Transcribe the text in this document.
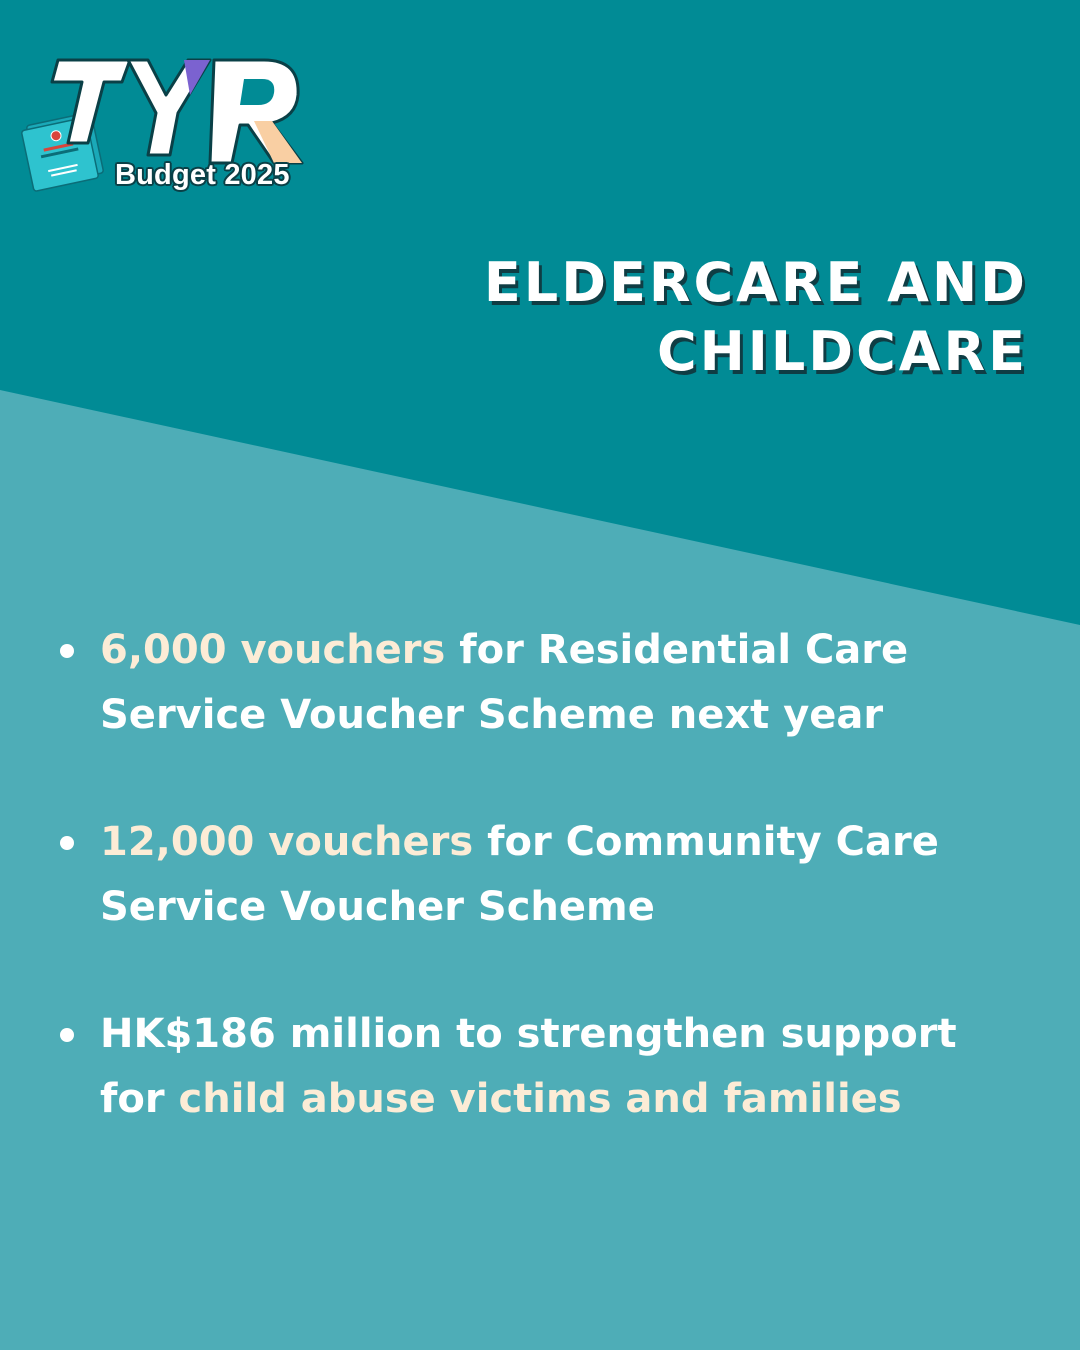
Budget 2025
ELDERCARE AND
CHILDCARE
6,000 vouchers for Residential Care
Service Voucher Scheme next year
12,000 vouchers for Community Care
Service Voucher Scheme
HK$186 million to strengthen support
for child abuse victims and families
